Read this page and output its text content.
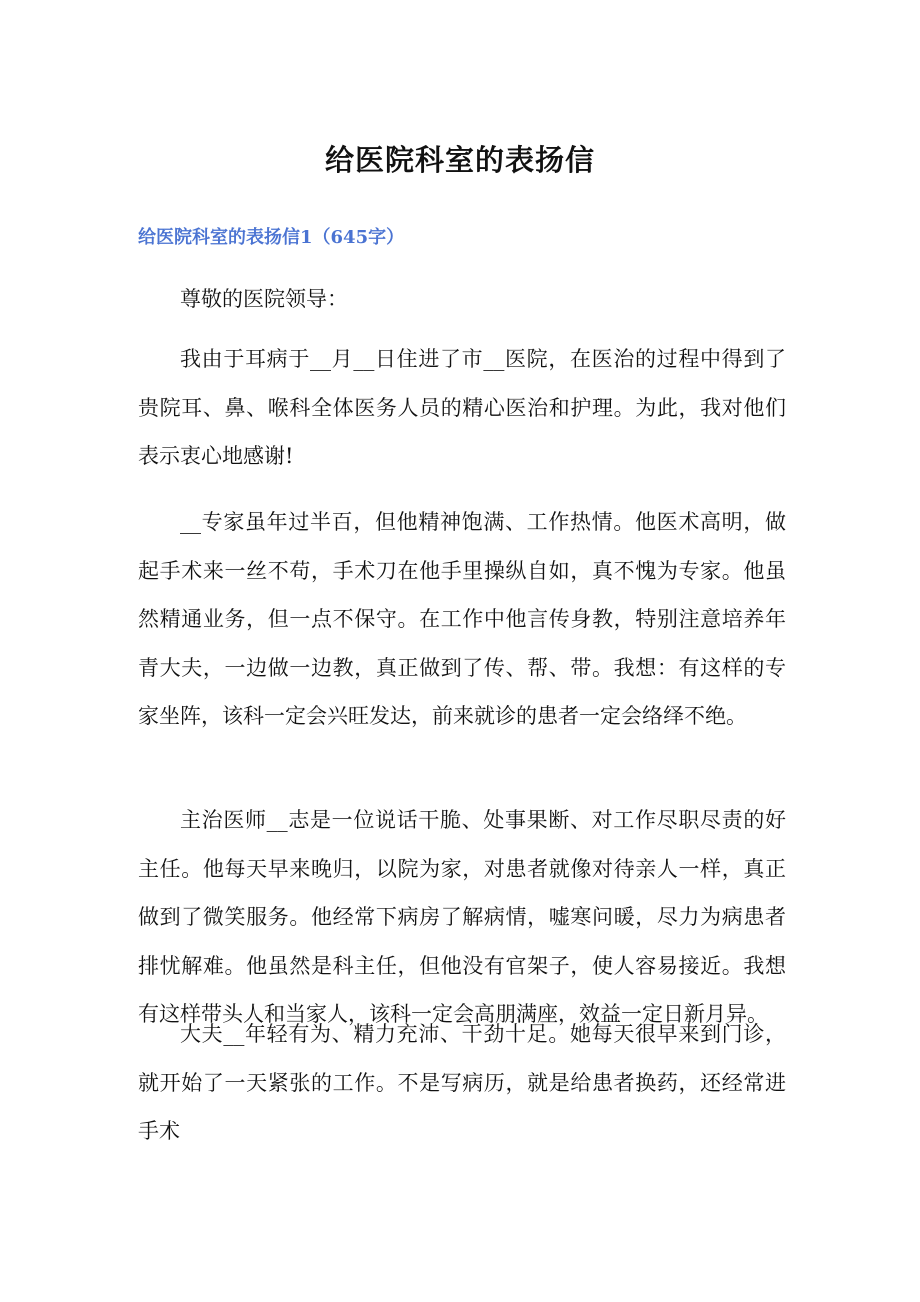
给医院科室的表扬信
给医院科室的表扬信1（645字）

尊敬的医院领导：

我由于耳病于__月__日住进了市__医院，在医治的过程中得到了贵院耳、鼻、喉科全体医务人员的精心医治和护理。为此，我对他们表示衷心地感谢!

__专家虽年过半百，但他精神饱满、工作热情。他医术高明，做起手术来一丝不苟，手术刀在他手里操纵自如，真不愧为专家。他虽然精通业务，但一点不保守。在工作中他言传身教，特别注意培养年青大夫，一边做一边教，真正做到了传、帮、带。我想：有这样的专家坐阵，该科一定会兴旺发达，前来就诊的患者一定会络绎不绝。

主治医师__志是一位说话干脆、处事果断、对工作尽职尽责的好主任。他每天早来晚归，以院为家，对患者就像对待亲人一样，真正做到了微笑服务。他经常下病房了解病情，嘘寒问暖，尽力为病患者排忧解难。他虽然是科主任，但他没有官架子，使人容易接近。我想有这样带头人和当家人，该科一定会高朋满座，效益一定日新月异。

大夫__年轻有为、精力充沛、干劲十足。她每天很早来到门诊，就开始了一天紧张的工作。不是写病历，就是给患者换药，还经常进手术
